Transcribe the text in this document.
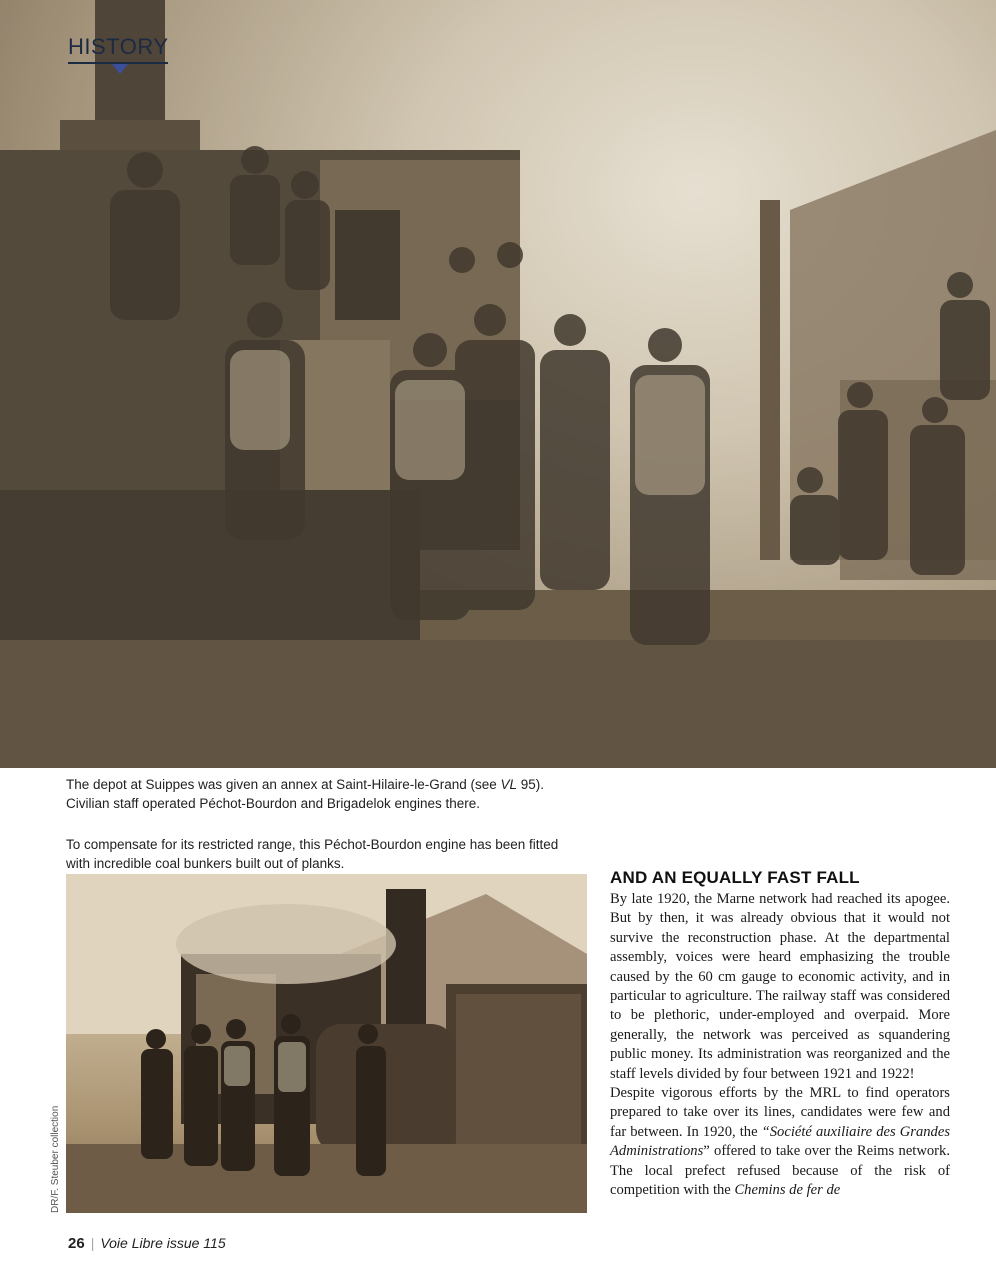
HISTORY
The depot at Suippes was given an annex at Saint-Hilaire-le-Grand (see VL 95). Civilian staff operated Péchot-Bourdon and Brigadelok engines there.
To compensate for its restricted range, this Péchot-Bourdon engine has been fitted with incredible coal bunkers built out of planks.
DR/F. Steuber collection
AND AN EQUALLY FAST FALL

By late 1920, the Marne network had reached its apogee. But by then, it was already obvious that it would not survive the reconstruction phase. At the departmental assembly, voices were heard emphasizing the trouble caused by the 60 cm gauge to economic activity, and in particular to agriculture. The railway staff was considered to be plethoric, under-employed and overpaid. More generally, the network was perceived as squandering public money. Its administration was reorganized and the staff levels divided by four between 1921 and 1922!

Despite vigorous efforts by the MRL to find operators prepared to take over its lines, candidates were few and far between. In 1920, the “Société auxiliaire des Grandes Administrations” offered to take over the Reims network. The local prefect refused because of the risk of competition with the Chemins de fer de

26 | Voie Libre issue 115
